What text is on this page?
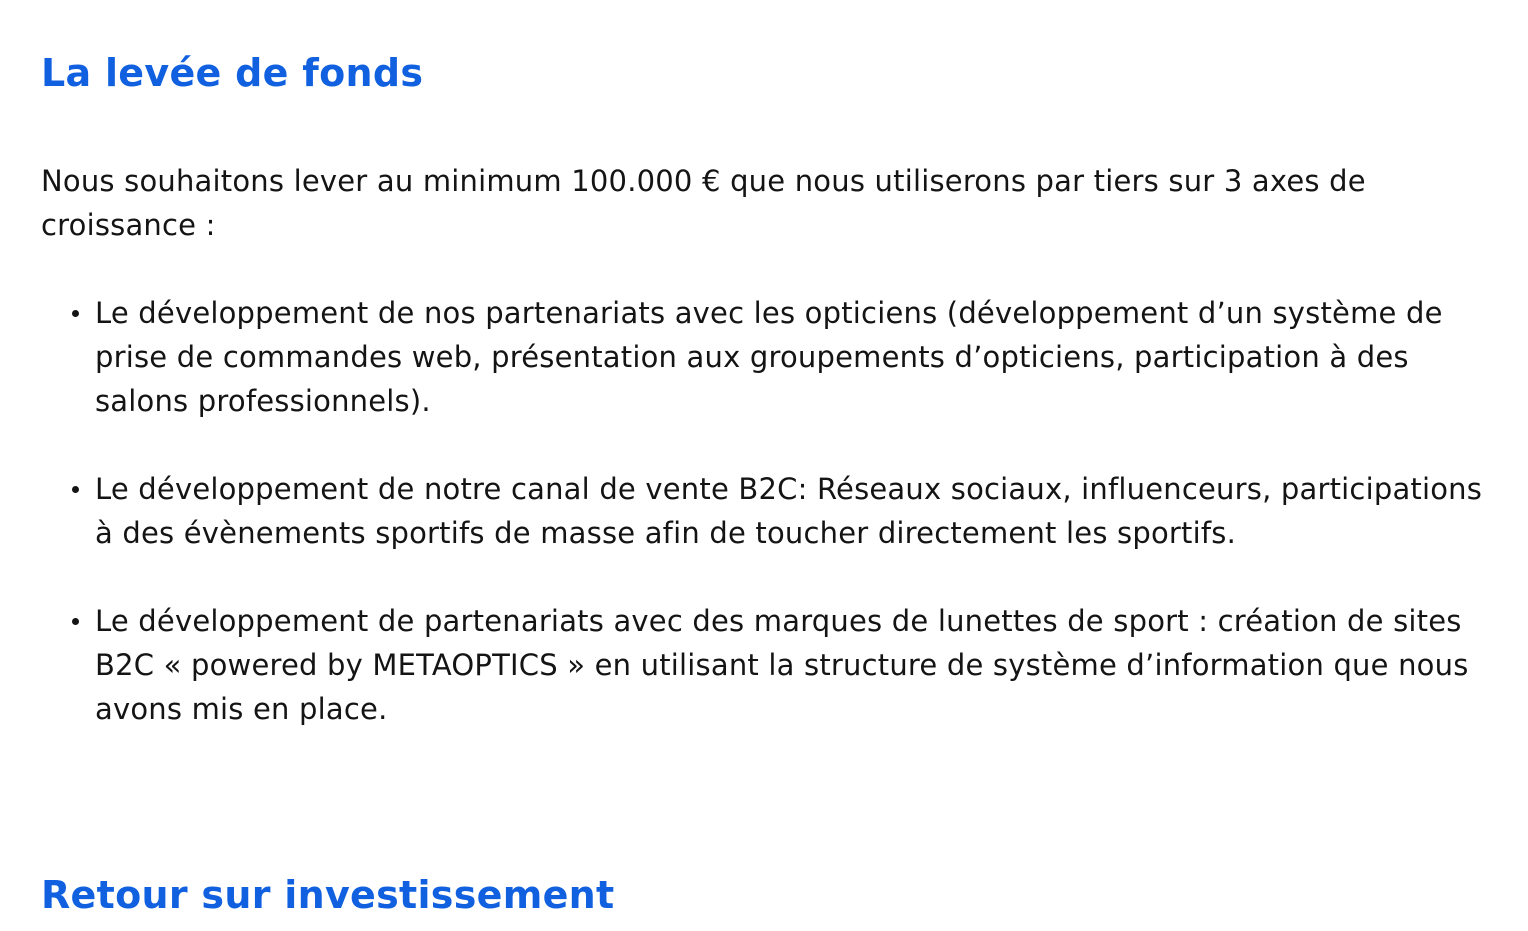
La levée de fonds

Nous souhaitons lever au minimum 100.000 € que nous utiliserons par tiers sur 3 axes de croissance :

Le développement de nos partenariats avec les opticiens (développement d’un système de prise de commandes web, présentation aux groupements d’opticiens, participation à des salons professionnels).
Le développement de notre canal de vente B2C: Réseaux sociaux, influenceurs, participations à des évènements sportifs de masse afin de toucher directement les sportifs.
Le développement de partenariats avec des marques de lunettes de sport : création de sites B2C « powered by METAOPTICS » en utilisant la structure de système d’information que nous avons mis en place.
Retour sur investissement
